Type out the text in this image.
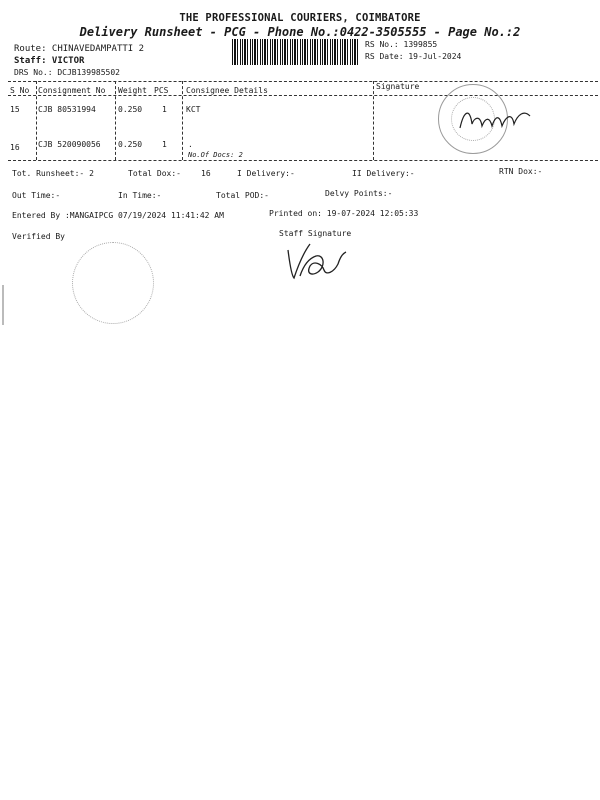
THE PROFESSIONAL COURIERS, COIMBATORE
Delivery Runsheet - PCG - Phone No.:0422-3505555 - Page No.:2
Route: CHINAVEDAMPATTI 2
Staff: VICTOR
DRS No.: DCJB139985502
RS No.: 1399855
RS Date: 19-Jul-2024
S No Consignment No Weight PCS Consignee Details	Signature
15 CJB 80531994	0.250 1 KCT
16 CJB 520090056 0.250 1	.
No.Of Docs: 2
Tot. Runsheet:- 2	Total Dox:-	16	I Delivery:-	II Delivery:-	RTN Dox:-
Out Time:-	In Time:-	Total POD:-	Delvy Points:-
Entered By :MANGAIPCG 07/19/2024 11:41:42 AM	Printed on: 19-07-2024 12:05:33
Verified By	Staff Signature
